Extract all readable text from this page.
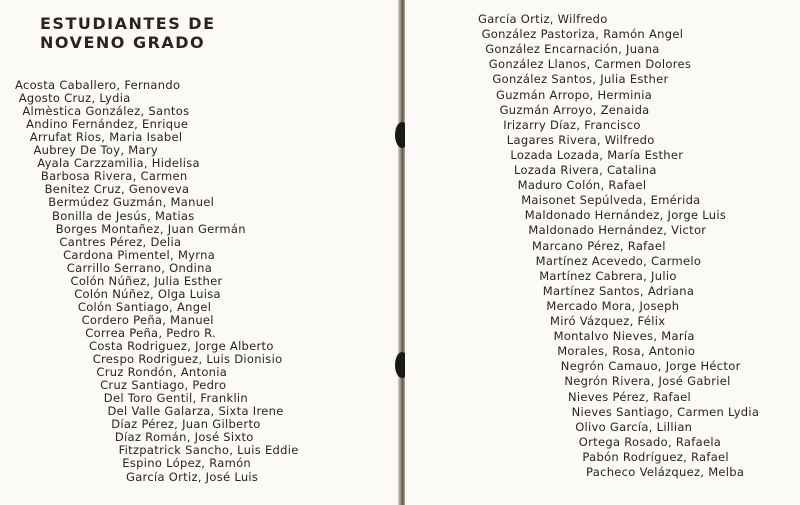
ESTUDIANTES DE
NOVENO GRADO
Acosta Caballero, Fernando
Agosto Cruz, Lydia
Almèstica González, Santos
Andino Fernández, Enrique
Arrufat Rios, Maria Isabel
Aubrey De Toy, Mary
Ayala Carzzamilia, Hidelisa
Barbosa Rivera, Carmen
Benitez Cruz, Genoveva
Bermúdez Guzmán, Manuel
Bonilla de Jesús, Matias
Borges Montañez, Juan Germán
Cantres Pérez, Delia
Cardona Pimentel, Myrna
Carrillo Serrano, Ondina
Colón Núñez, Julia Esther
Colón Núñez, Olga Luisa
Colón Santiago, Angel
Cordero Peña, Manuel
Correa Peña, Pedro R.
Costa Rodriguez, Jorge Alberto
Crespo Rodriguez, Luis Dionisio
Cruz Rondón, Antonia
Cruz Santiago, Pedro
Del Toro Gentil, Franklin
Del Valle Galarza, Sixta Irene
Díaz Pérez, Juan Gilberto
Díaz Román, José Sixto
Fitzpatrick Sancho, Luis Eddie
Espino López, Ramón
García Ortiz, José Luis
García Ortiz, Wilfredo
González Pastoriza, Ramón Angel
González Encarnación, Juana
González Llanos, Carmen Dolores
González Santos, Julia Esther
Guzmán Arropo, Herminia
Guzmán Arroyo, Zenaida
Irizarry Díaz, Francisco
Lagares Rivera, Wilfredo
Lozada Lozada, María Esther
Lozada Rivera, Catalina
Maduro Colón, Rafael
Maisonet Sepúlveda, Emérida
Maldonado Hernández, Jorge Luis
Maldonado Hernández, Victor
Marcano Pérez, Rafael
Martínez Acevedo, Carmelo
Martínez Cabrera, Julio
Martínez Santos, Adriana
Mercado Mora, Joseph
Miró Vázquez, Félix
Montalvo Nieves, María
Morales, Rosa, Antonio
Negrón Camauo, Jorge Héctor
Negrón Rivera, José Gabriel
Nieves Pérez, Rafael
Nieves Santiago, Carmen Lydia
Olivo García, Lillian
Ortega Rosado, Rafaela
Pabón Rodríguez, Rafael
Pacheco Velázquez, Melba
